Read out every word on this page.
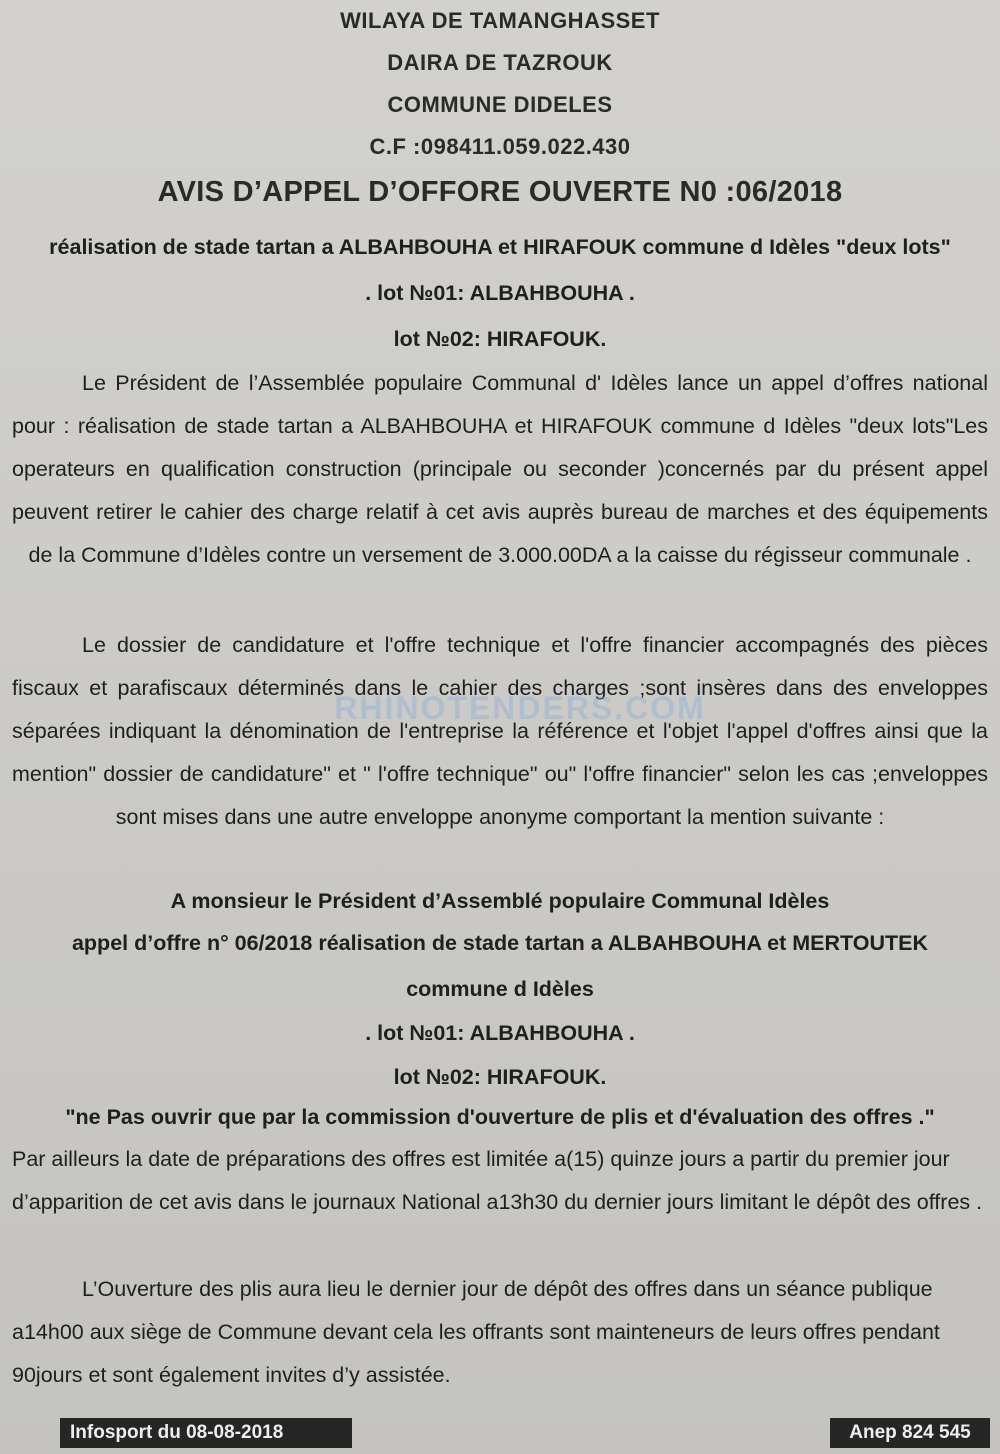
WILAYA DE TAMANGHASSET
DAIRA DE TAZROUK
COMMUNE DIDELES
C.F :098411.059.022.430
AVIS D’APPEL D’OFFORE OUVERTE N0 :06/2018
réalisation de stade tartan a ALBAHBOUHA et HIRAFOUK commune d Idèles "deux lots"
. lot №01: ALBAHBOUHA .
lot №02: HIRAFOUK.
Le Président de l’Assemblée populaire Communal d' Idèles lance un appel d’offres national pour : réalisation de stade tartan a ALBAHBOUHA et HIRAFOUK commune d Idèles "deux lots"Les operateurs en qualification construction (principale ou seconder )concernés par du présent appel peuvent retirer le cahier des charge relatif à cet avis auprès bureau de marches et des équipements de la Commune d’Idèles contre un versement de 3.000.00DA a la caisse du régisseur communale .
Le dossier de candidature et l'offre technique et l'offre financier accompagnés des pièces fiscaux et parafiscaux déterminés dans le cahier des charges ;sont insères dans des enveloppes séparées indiquant la dénomination de l'entreprise la référence et l'objet l'appel d'offres ainsi que la mention" dossier de candidature" et " l'offre technique" ou" l'offre financier" selon les cas ;enveloppes sont mises dans une autre enveloppe anonyme comportant la mention suivante :
RHINOTENDERS.COM
A monsieur le Président d’Assemblé populaire Communal Idèles
appel d’offre n° 06/2018 réalisation de stade tartan a ALBAHBOUHA et MERTOUTEK
commune d Idèles
. lot №01: ALBAHBOUHA .
lot №02: HIRAFOUK.
"ne Pas ouvrir que par la commission d'ouverture de plis et d'évaluation des offres ."
Par ailleurs la date de préparations des offres est limitée a(15) quinze jours a partir du premier jour d’apparition de cet avis dans le journaux National a13h30 du dernier jours limitant le dépôt des offres .
L’Ouverture des plis aura lieu le dernier jour de dépôt des offres dans un séance publique a14h00 aux siège de Commune devant cela les offrants sont mainteneurs de leurs offres pendant 90jours et sont également invites d’y assistée.
Infosport du 08-08-2018	Anep 824 545
